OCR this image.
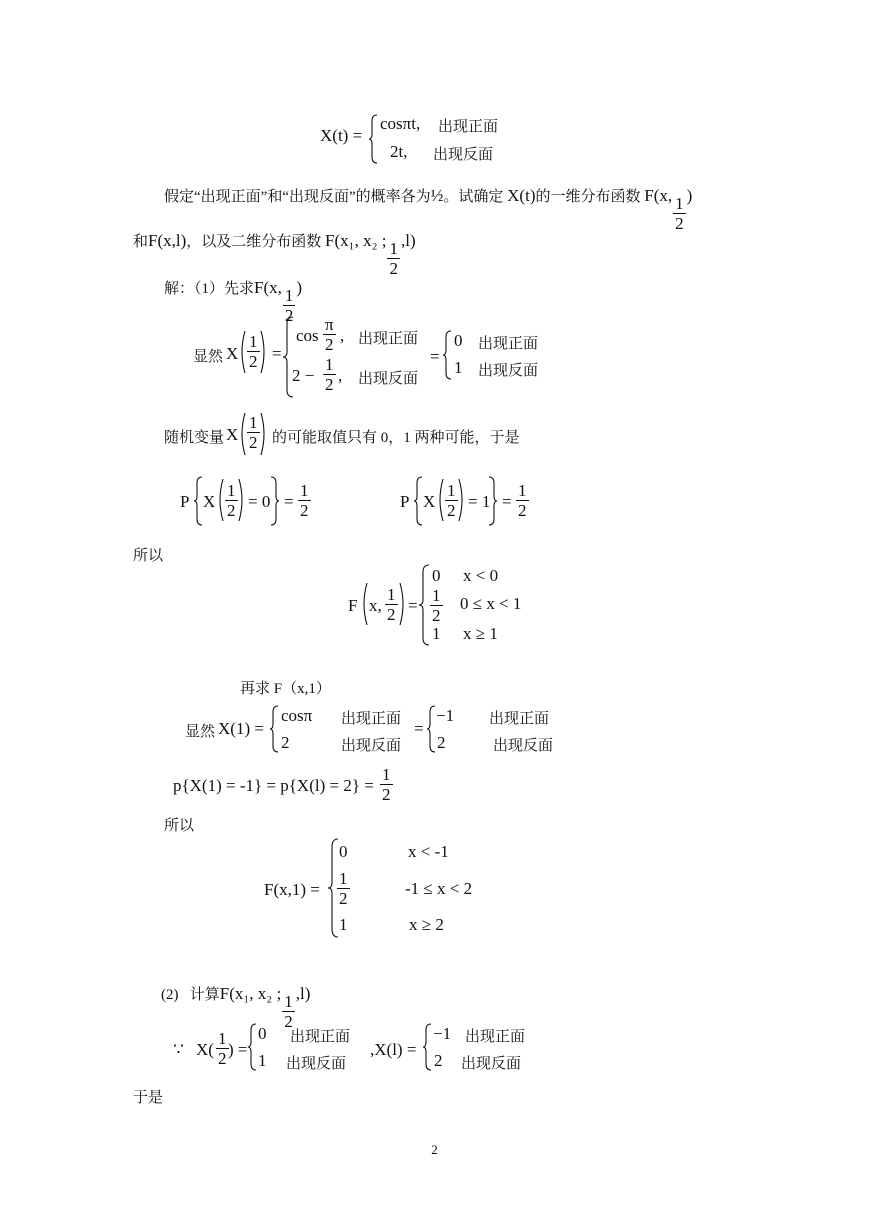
X(t) =
cosπt, 出现正面
2t, 出现反面
假定“出现正面”和“出现反面”的概率各为½。试确定 X(t)的一维分布函数 F(x, $\frac{1}{2}$ )
和F(x,l)，以及二维分布函数 F(x₁, x₂ ; $\frac{1}{2} ,l$)
解：（1）先求F(x, $\frac{1}{2}$ )
显然 X $\frac{1}{2}$ =
$\cos \frac{\pi}{2}$ , 出现正面
$2 - \frac{1}{2}$ , 出现反面
=
0 出现正面
1 出现反面
随机变量 X $\frac{1}{2}$ 的可能取值只有 0，1 两种可能，于是
P X $\frac{1}{2} = 0 = \frac{1}{2}$	P X $\frac{1}{2} = 1 = \frac{1}{2}$
所以
F x, $\frac{1}{2}$ =
0 x < 0
$\frac{1}{2} 0 \le x < 1$
1 x ≥ 1
再求 F（x,1）
显然 X(1) =
cosπ 出现正面
2	出现反面
=
−1 出现正面
2	出现反面
$p\{X(1) = -1\} = p\{X(l) = 2\} = \frac{1}{2}$
所以
F(x,1) =
0	x < -1
$\frac{1}{2}$	-1 ≤ x < 2
1	x ≥ 2
(2) 计算F(x₁, x₂ ; $\frac{1}{2} ,l$)
∵ $X( \frac{1}{2}$ ) =
0 出现正面
1 出现反面
,X(l) =
−1 出现正面
2 出现反面
于是
2
